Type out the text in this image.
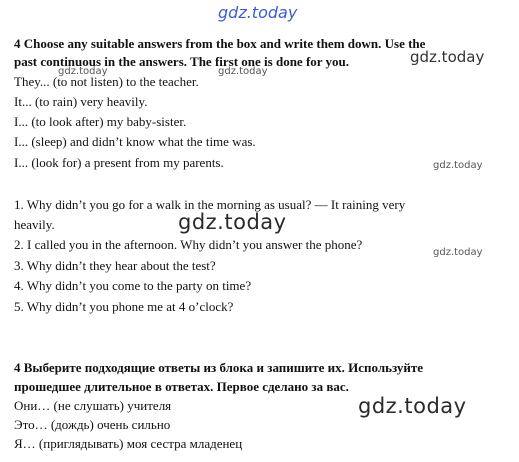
gdz.today
gdz.today
gdz.today	gdz.today
gdz.today
gdz.today
gdz.today
gdz.today
4 Choose any suitable answers from the box and write them down. Use the
past continuous in the answers. The first one is done for you.
They... (to not listen) to the teacher.
It... (to rain) very heavily.
I... (to look after) my baby-sister.
I... (sleep) and didn’t know what the time was.
I... (look for) a present from my parents.
1. Why didn’t you go for a walk in the morning as usual? — It raining very
heavily.
2. I called you in the afternoon. Why didn’t you answer the phone?
3. Why didn’t they hear about the test?
4. Why didn’t you come to the party on time?
5. Why didn’t you phone me at 4 o’clock?
4 Выберите подходящие ответы из блока и запишите их. Используйте
прошедшее длительное в ответах. Первое сделано за вас.
Они… (не слушать) учителя
Это… (дождь) очень сильно
Я… (приглядывать) моя сестра младенец
